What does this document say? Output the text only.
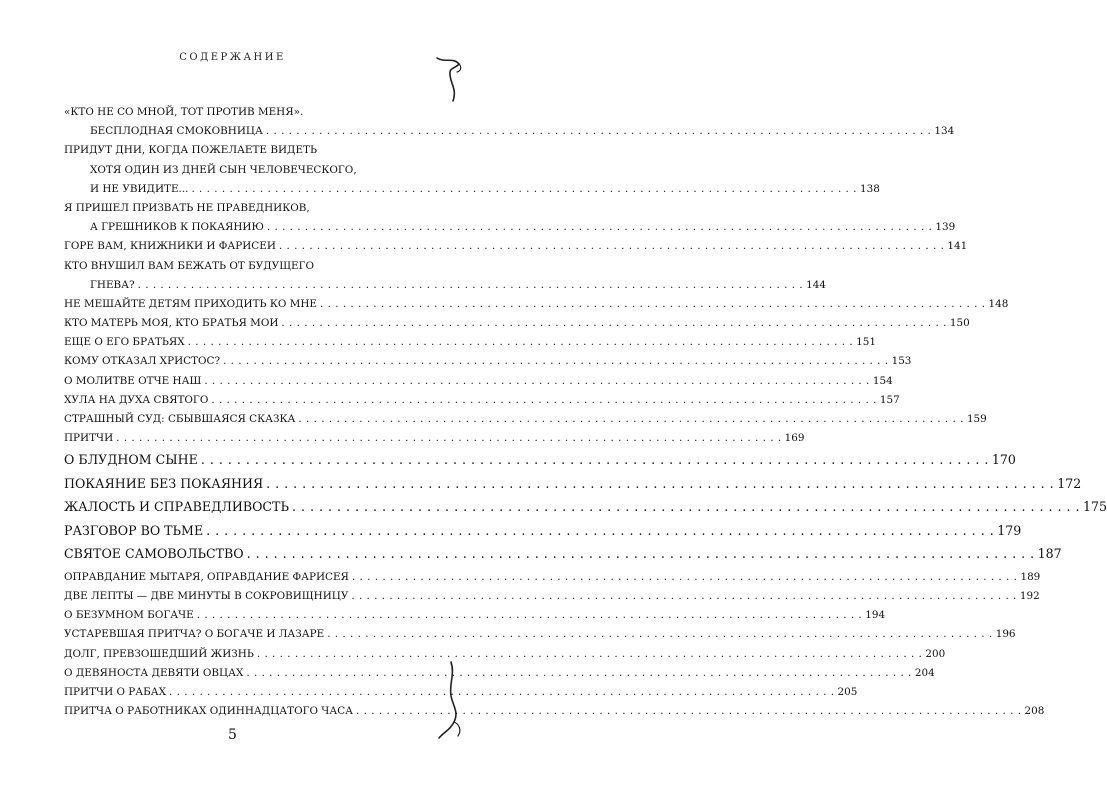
СОДЕРЖАНИЕ
«КТО НЕ СО МНОЙ, ТОТ ПРОТИВ МЕНЯ».
БЕСПЛОДНАЯ СМОКОВНИЦА . . .	134
ПРИДУТ ДНИ, КОГДА ПОЖЕЛАЕТЕ ВИДЕТЬ
ХОТЯ ОДИН ИЗ ДНЕЙ СЫН ЧЕЛОВЕЧЕСКОГО,
И НЕ УВИДИТЕ... . . .	138
Я ПРИШЕЛ ПРИЗВАТЬ НЕ ПРАВЕДНИКОВ,
А ГРЕШНИКОВ К ПОКАЯНИЮ . . .	139
ГОРЕ ВАМ, КНИЖНИКИ И ФАРИСЕИ . . .	141
КТО ВНУШИЛ ВАМ БЕЖАТЬ ОТ БУДУЩЕГО
ГНЕВА? . . .	144
НЕ МЕШАЙТЕ ДЕТЯМ ПРИХОДИТЬ КО МНЕ . . .	148
КТО МАТЕРЬ МОЯ, КТО БРАТЬЯ МОИ . . .	150
ЕЩЕ О ЕГО БРАТЬЯХ . . .	151
КОМУ ОТКАЗАЛ ХРИСТОС? . . .	153
О МОЛИТВЕ ОТЧЕ НАШ . . .	154
ХУЛА НА ДУХА СВЯТОГО . . .	157
СТРАШНЫЙ СУД: СБЫВШАЯСЯ СКАЗКА . . .	159
ПРИТЧИ . . .	169
О БЛУДНОМ СЫНЕ . . .	170
ПОКАЯНИЕ БЕЗ ПОКАЯНИЯ . . .	172
ЖАЛОСТЬ И СПРАВЕДЛИВОСТЬ . . .	175
РАЗГОВОР ВО ТЬМЕ . . .	179
СВЯТОЕ САМОВОЛЬСТВО . . .	187
ОПРАВДАНИЕ МЫТАРЯ, ОПРАВДАНИЕ ФАРИСЕЯ . . .	189
ДВЕ ЛЕПТЫ — ДВЕ МИНУТЫ В СОКРОВИЩНИЦУ . . .	192
О БЕЗУМНОМ БОГАЧЕ . . .	194
УСТАРЕВШАЯ ПРИТЧА? О БОГАЧЕ И ЛАЗАРЕ . . .	196
ДОЛГ, ПРЕВЗОШЕДШИЙ ЖИЗНЬ . . .	200
О ДЕВЯНОСТА ДЕВЯТИ ОВЦАХ . . .	204
ПРИТЧИ О РАБАХ . . .	205
ПРИТЧА О РАБОТНИКАХ ОДИННАДЦАТОГО ЧАСА . . .	208
5
